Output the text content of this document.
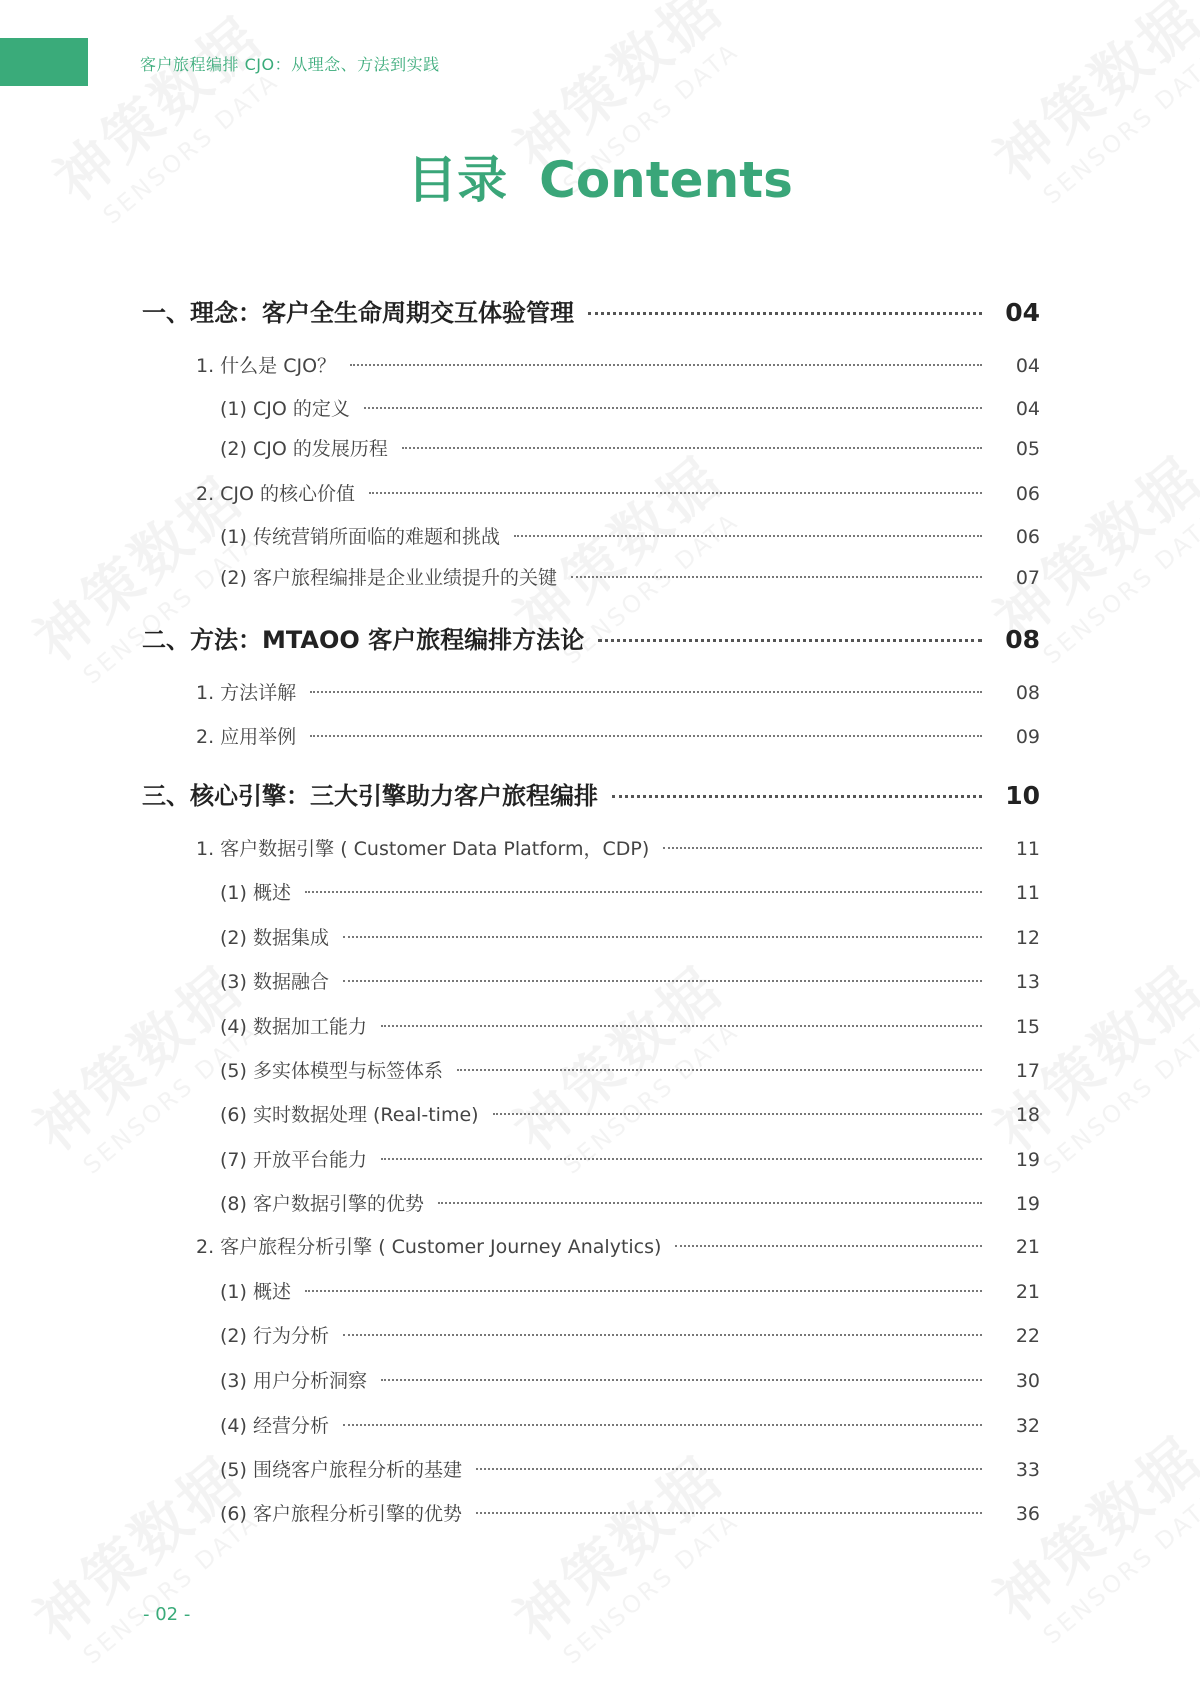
客户旅程编排 CJO：从理念、方法到实践
目录 Contents
一、理念：客户全生命周期交互体验管理	04
1. 什么是 CJO？	04
(1) CJO 的定义	04
(2) CJO 的发展历程	05
2. CJO 的核心价值	06
(1) 传统营销所面临的难题和挑战	06
(2) 客户旅程编排是企业业绩提升的关键	07
二、方法：MTAOO 客户旅程编排方法论	08
1. 方法详解	08
2. 应用举例	09
三、核心引擎：三大引擎助力客户旅程编排	10
1. 客户数据引擎 ( Customer Data Platform，CDP)	11
(1) 概述	11
(2) 数据集成	12
(3) 数据融合	13
(4) 数据加工能力	15
(5) 多实体模型与标签体系	17
(6) 实时数据处理 (Real-time)	18
(7) 开放平台能力	19
(8) 客户数据引擎的优势	19
2. 客户旅程分析引擎 ( Customer Journey Analytics)	21
(1) 概述	21
(2) 行为分析	22
(3) 用户分析洞察	30
(4) 经营分析	32
(5) 围绕客户旅程分析的基建	33
(6) 客户旅程分析引擎的优势	36
- 02 -
